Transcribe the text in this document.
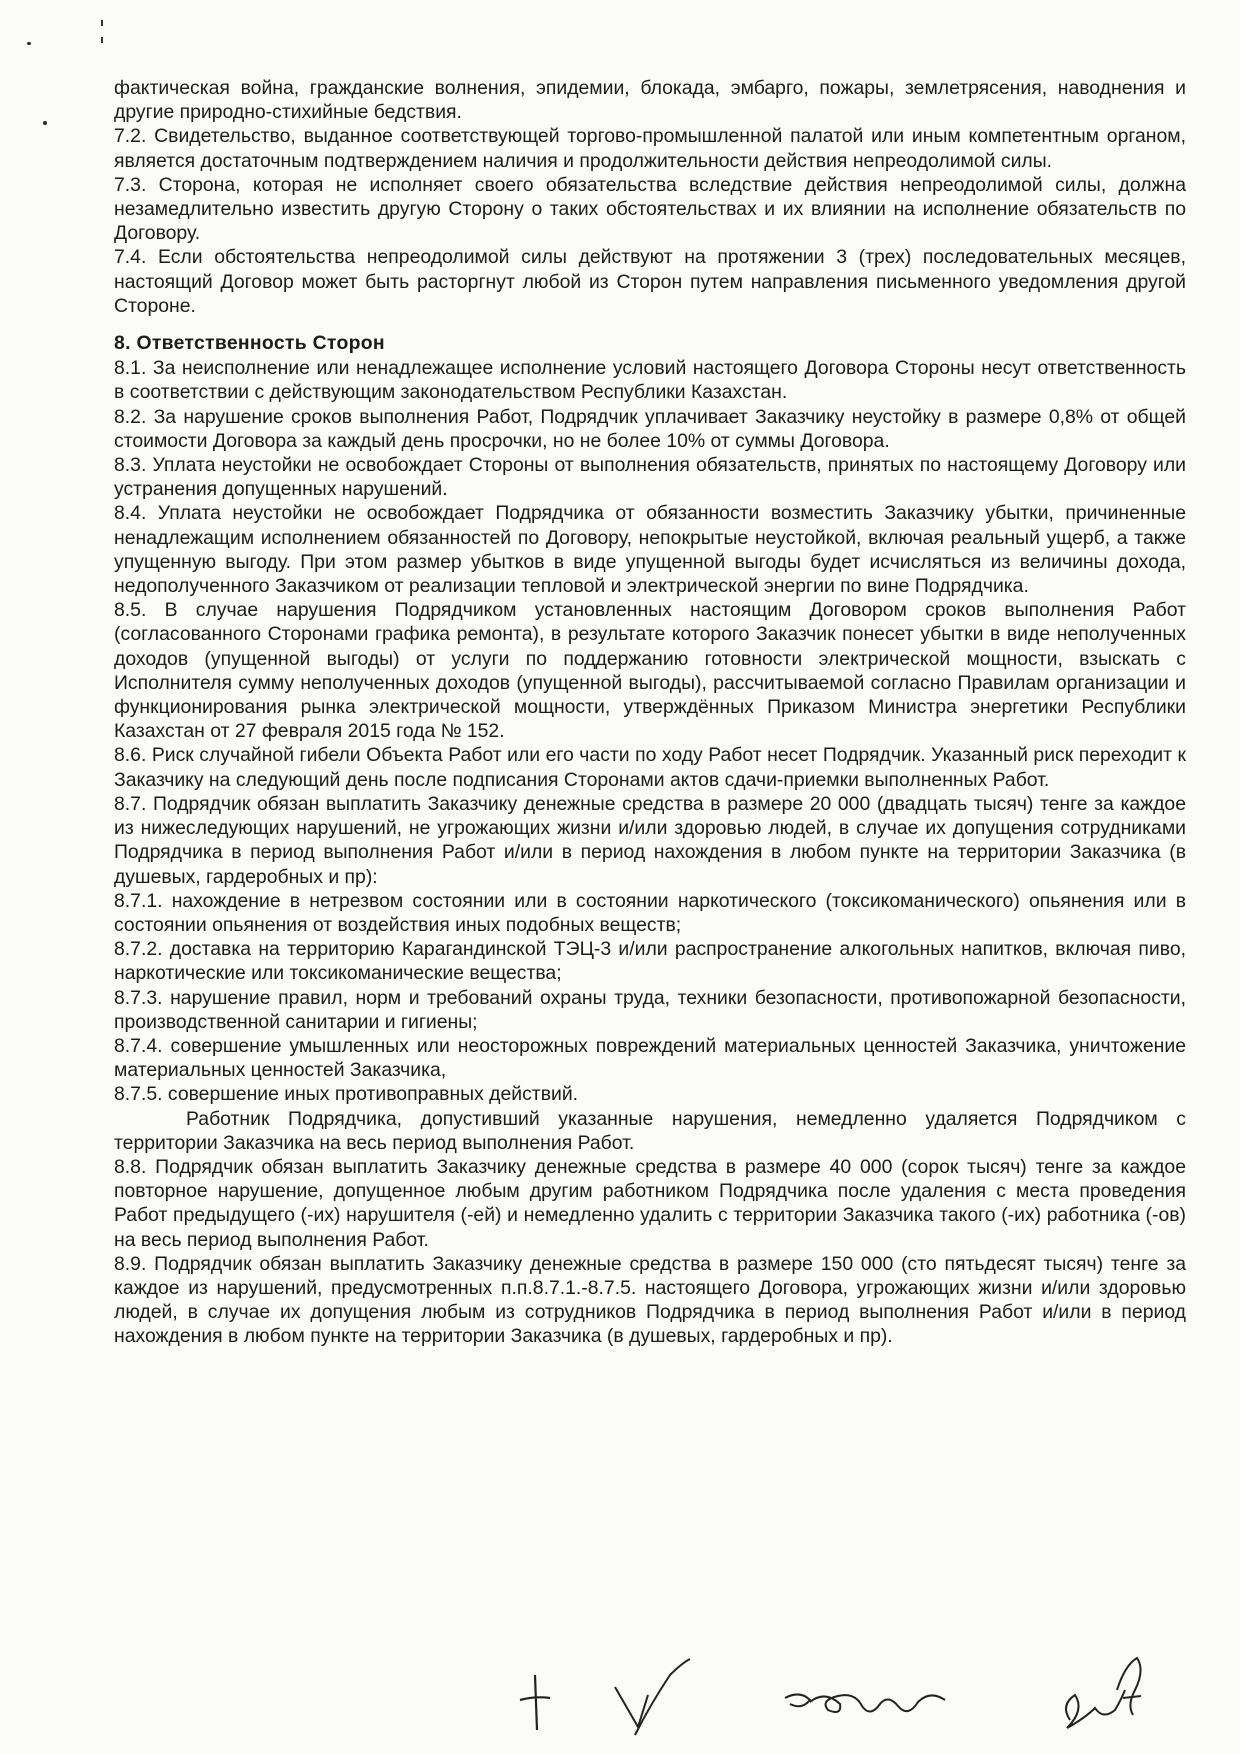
фактическая война, гражданские волнения, эпидемии, блокада, эмбарго, пожары, землетрясения, наводнения и другие природно-стихийные бедствия.

7.2. Свидетельство, выданное соответствующей торгово-промышленной палатой или иным компетентным органом, является достаточным подтверждением наличия и продолжительности действия непреодолимой силы.

7.3. Сторона, которая не исполняет своего обязательства вследствие действия непреодолимой силы, должна незамедлительно известить другую Сторону о таких обстоятельствах и их влиянии на исполнение обязательств по Договору.

7.4. Если обстоятельства непреодолимой силы действуют на протяжении 3 (трех) последовательных месяцев, настоящий Договор может быть расторгнут любой из Сторон путем направления письменного уведомления другой Стороне.

8. Ответственность Сторон

8.1. За неисполнение или ненадлежащее исполнение условий настоящего Договора Стороны несут ответственность в соответствии с действующим законодательством Республики Казахстан.

8.2. За нарушение сроков выполнения Работ, Подрядчик уплачивает Заказчику неустойку в размере 0,8% от общей стоимости Договора за каждый день просрочки, но не более 10% от суммы Договора.

8.3. Уплата неустойки не освобождает Стороны от выполнения обязательств, принятых по настоящему Договору или устранения допущенных нарушений.

8.4. Уплата неустойки не освобождает Подрядчика от обязанности возместить Заказчику убытки, причиненные ненадлежащим исполнением обязанностей по Договору, непокрытые неустойкой, включая реальный ущерб, а также упущенную выгоду. При этом размер убытков в виде упущенной выгоды будет исчисляться из величины дохода, недополученного Заказчиком от реализации тепловой и электрической энергии по вине Подрядчика.

8.5. В случае нарушения Подрядчиком установленных настоящим Договором сроков выполнения Работ (согласованного Сторонами графика ремонта), в результате которого Заказчик понесет убытки в виде неполученных доходов (упущенной выгоды) от услуги по поддержанию готовности электрической мощности, взыскать с Исполнителя сумму неполученных доходов (упущенной выгоды), рассчитываемой согласно Правилам организации и функционирования рынка электрической мощности, утверждённых Приказом Министра энергетики Республики Казахстан от 27 февраля 2015 года № 152.

8.6. Риск случайной гибели Объекта Работ или его части по ходу Работ несет Подрядчик. Указанный риск переходит к Заказчику на следующий день после подписания Сторонами актов сдачи-приемки выполненных Работ.

8.7. Подрядчик обязан выплатить Заказчику денежные средства в размере 20 000 (двадцать тысяч) тенге за каждое из нижеследующих нарушений, не угрожающих жизни и/или здоровью людей, в случае их допущения сотрудниками Подрядчика в период выполнения Работ и/или в период нахождения в любом пункте на территории Заказчика (в душевых, гардеробных и пр):

8.7.1. нахождение в нетрезвом состоянии или в состоянии наркотического (токсикоманического) опьянения или в состоянии опьянения от воздействия иных подобных веществ;

8.7.2. доставка на территорию Карагандинской ТЭЦ-3 и/или распространение алкогольных напитков, включая пиво, наркотические или токсикоманические вещества;

8.7.3. нарушение правил, норм и требований охраны труда, техники безопасности, противопожарной безопасности, производственной санитарии и гигиены;

8.7.4. совершение умышленных или неосторожных повреждений материальных ценностей Заказчика, уничтожение материальных ценностей Заказчика,

8.7.5. совершение иных противоправных действий.

Работник Подрядчика, допустивший указанные нарушения, немедленно удаляется Подрядчиком с территории Заказчика на весь период выполнения Работ.

8.8. Подрядчик обязан выплатить Заказчику денежные средства в размере 40 000 (сорок тысяч) тенге за каждое повторное нарушение, допущенное любым другим работником Подрядчика после удаления с места проведения Работ предыдущего (-их) нарушителя (-ей) и немедленно удалить с территории Заказчика такого (-их) работника (-ов) на весь период выполнения Работ.

8.9. Подрядчик обязан выплатить Заказчику денежные средства в размере 150 000 (сто пятьдесят тысяч) тенге за каждое из нарушений, предусмотренных п.п.8.7.1.-8.7.5. настоящего Договора, угрожающих жизни и/или здоровью людей, в случае их допущения любым из сотрудников Подрядчика в период выполнения Работ и/или в период нахождения в любом пункте на территории Заказчика (в душевых, гардеробных и пр).
